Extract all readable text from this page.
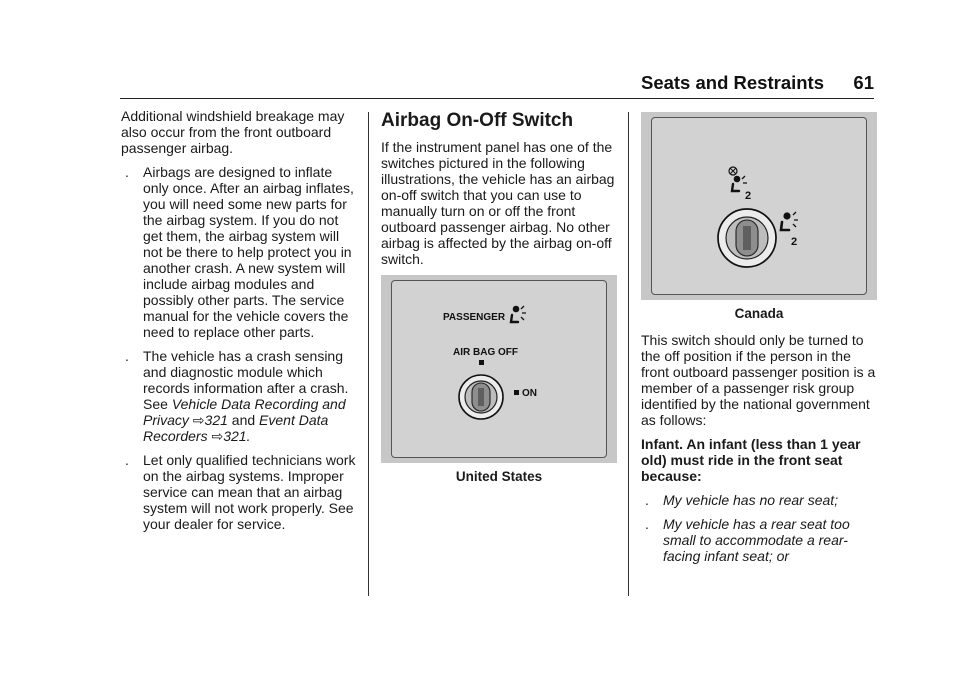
Seats and Restraints 61

Additional windshield breakage may also occur from the front outboard passenger airbag.

. Airbags are designed to inflate only once. After an airbag inflates, you will need some new parts for the airbag system. If you do not get them, the airbag system will not be there to help protect you in another crash. A new system will include airbag modules and possibly other parts. The service manual for the vehicle covers the need to replace other parts.
. The vehicle has a crash sensing and diagnostic module which records information after a crash. See Vehicle Data Recording and Privacy ⇨321 and Event Data Recorders ⇨321.
. Let only qualified technicians work on the airbag systems. Improper service can mean that an airbag system will not work properly. See your dealer for service.
Airbag On-Off Switch

If the instrument panel has one of the switches pictured in the following illustrations, the vehicle has an airbag on-off switch that you can use to manually turn on or off the front outboard passenger airbag. No other airbag is affected by the airbag on-off switch.

PASSENGER
AIR BAG OFF
ON
United States
2
2
Canada

This switch should only be turned to the off position if the person in the front outboard passenger position is a member of a passenger risk group identified by the national government as follows:

Infant. An infant (less than 1 year old) must ride in the front seat because:

. My vehicle has no rear seat;
. My vehicle has a rear seat too small to accommodate a rear-facing infant seat; or
